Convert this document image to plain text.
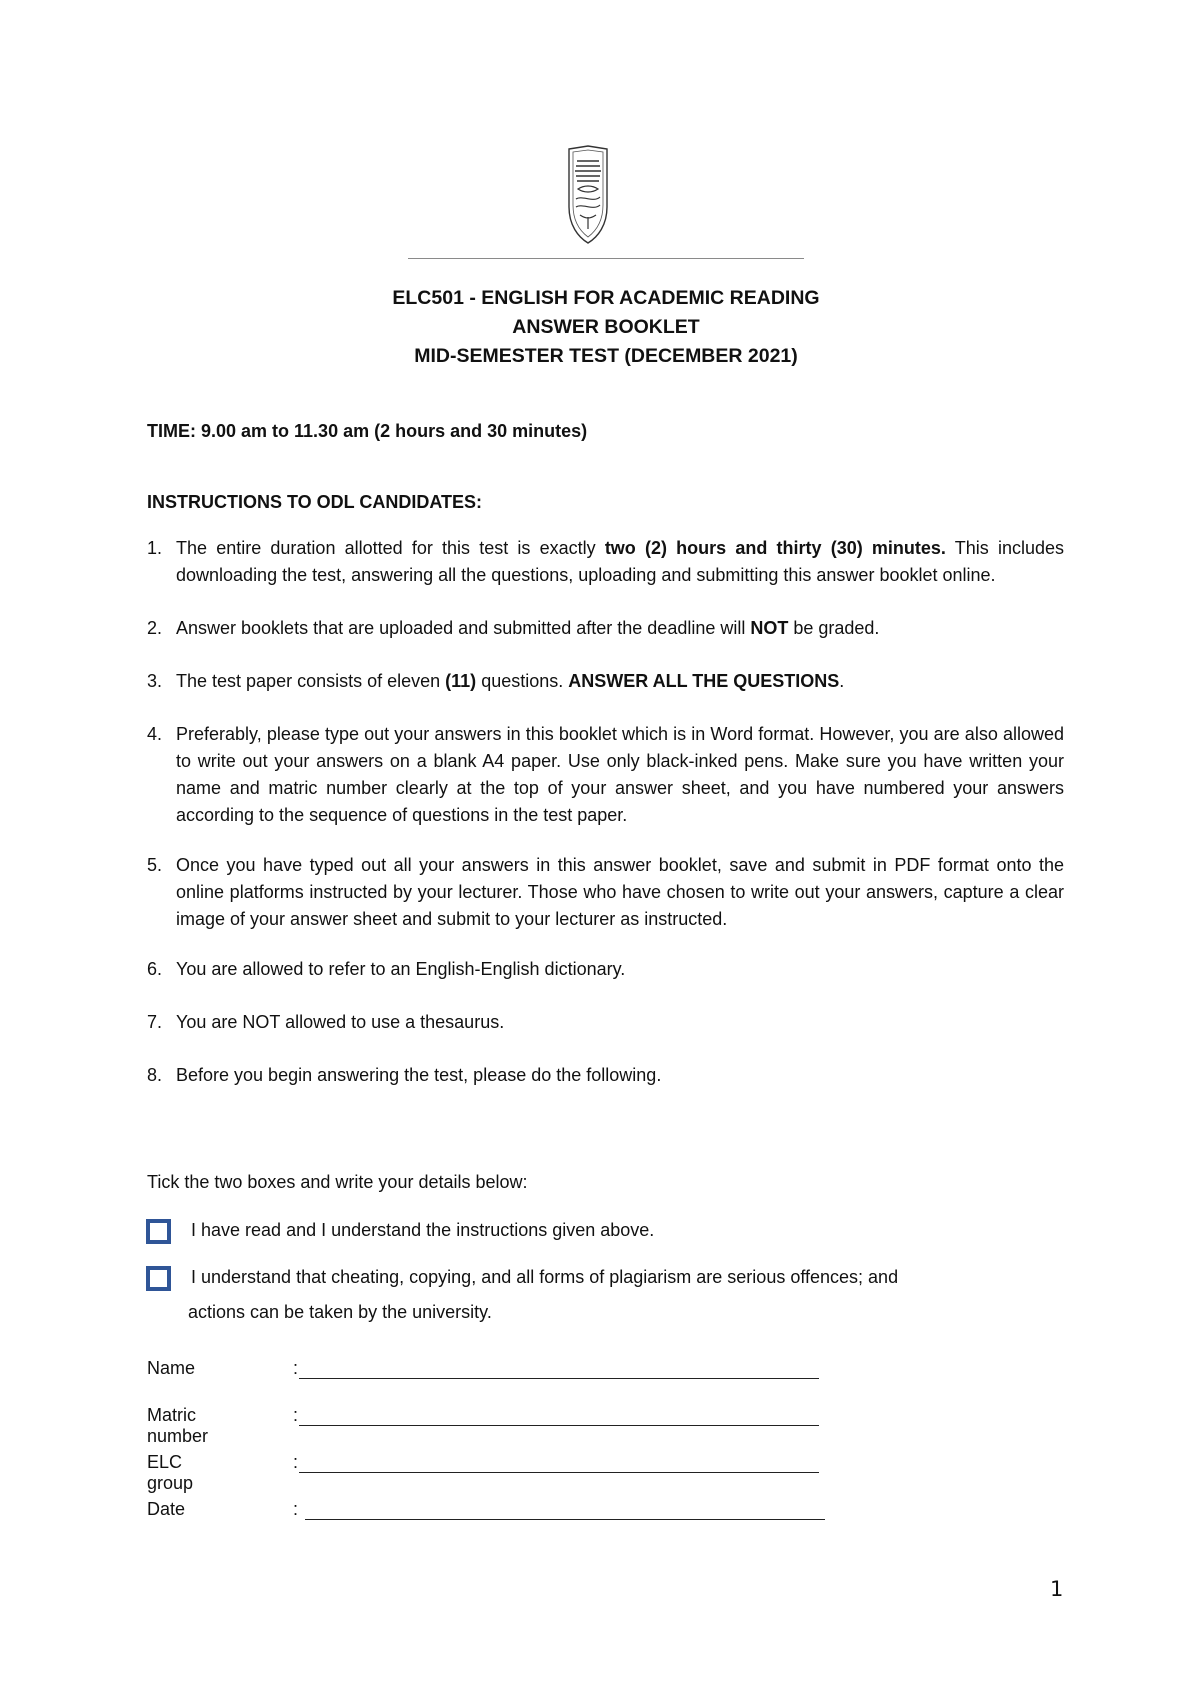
ELC501 - ENGLISH FOR ACADEMIC READING
ANSWER BOOKLET
MID-SEMESTER TEST (DECEMBER 2021)
TIME: 9.00 am to 11.30 am (2 hours and 30 minutes)
INSTRUCTIONS TO ODL CANDIDATES:
1. The entire duration allotted for this test is exactly two (2) hours and thirty (30) minutes. This includes downloading the test, answering all the questions, uploading and submitting this answer booklet online.
2. Answer booklets that are uploaded and submitted after the deadline will NOT be graded.
3. The test paper consists of eleven (11) questions. ANSWER ALL THE QUESTIONS.
4. Preferably, please type out your answers in this booklet which is in Word format. However, you are also allowed to write out your answers on a blank A4 paper. Use only black-inked pens. Make sure you have written your name and matric number clearly at the top of your answer sheet, and you have numbered your answers according to the sequence of questions in the test paper.
5. Once you have typed out all your answers in this answer booklet, save and submit in PDF format onto the online platforms instructed by your lecturer. Those who have chosen to write out your answers, capture a clear image of your answer sheet and submit to your lecturer as instructed.
6. You are allowed to refer to an English-English dictionary.
7. You are NOT allowed to use a thesaurus.
8. Before you begin answering the test, please do the following.
Tick the two boxes and write your details below:
I have read and I understand the instructions given above.
I understand that cheating, copying, and all forms of plagiarism are serious offences; and
actions can be taken by the university.
Name	:
Matric number
:
ELC group
:
Date	:
1
